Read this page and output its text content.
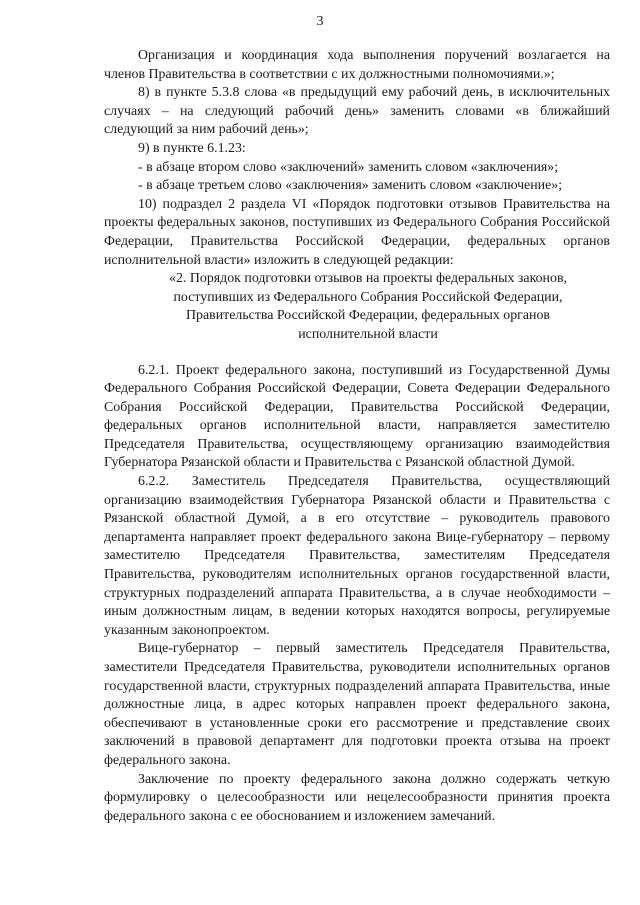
3

Организация и координация хода выполнения поручений возлагается на членов Правительства в соответствии с их должностными полномочиями.»;

8) в пункте 5.3.8 слова «в предыдущий ему рабочий день, в исключительных случаях – на следующий рабочий день» заменить словами «в ближайший следующий за ним рабочий день»;

9) в пункте 6.1.23:

- в абзаце втором слово «заключений» заменить словом «заключения»;

- в абзаце третьем слово «заключения» заменить словом «заключение»;

10) подраздел 2 раздела VI «Порядок подготовки отзывов Правительства на проекты федеральных законов, поступивших из Федерального Собрания Российской Федерации, Правительства Российской Федерации, федеральных органов исполнительной власти» изложить в следующей редакции:

«2. Порядок подготовки отзывов на проекты федеральных законов, поступивших из Федерального Собрания Российской Федерации, Правительства Российской Федерации, федеральных органов исполнительной власти

6.2.1. Проект федерального закона, поступивший из Государственной Думы Федерального Собрания Российской Федерации, Совета Федерации Федерального Собрания Российской Федерации, Правительства Российской Федерации, федеральных органов исполнительной власти, направляется заместителю Председателя Правительства, осуществляющему организацию взаимодействия Губернатора Рязанской области и Правительства с Рязанской областной Думой.

6.2.2. Заместитель Председателя Правительства, осуществляющий организацию взаимодействия Губернатора Рязанской области и Правительства с Рязанской областной Думой, а в его отсутствие – руководитель правового департамента направляет проект федерального закона Вице-губернатору – первому заместителю Председателя Правительства, заместителям Председателя Правительства, руководителям исполнительных органов государственной власти, структурных подразделений аппарата Правительства, а в случае необходимости – иным должностным лицам, в ведении которых находятся вопросы, регулируемые указанным законопроектом.

Вице-губернатор – первый заместитель Председателя Правительства, заместители Председателя Правительства, руководители исполнительных органов государственной власти, структурных подразделений аппарата Правительства, иные должностные лица, в адрес которых направлен проект федерального закона, обеспечивают в установленные сроки его рассмотрение и представление своих заключений в правовой департамент для подготовки проекта отзыва на проект федерального закона.

Заключение по проекту федерального закона должно содержать четкую формулировку о целесообразности или нецелесообразности принятия проекта федерального закона с ее обоснованием и изложением замечаний.
